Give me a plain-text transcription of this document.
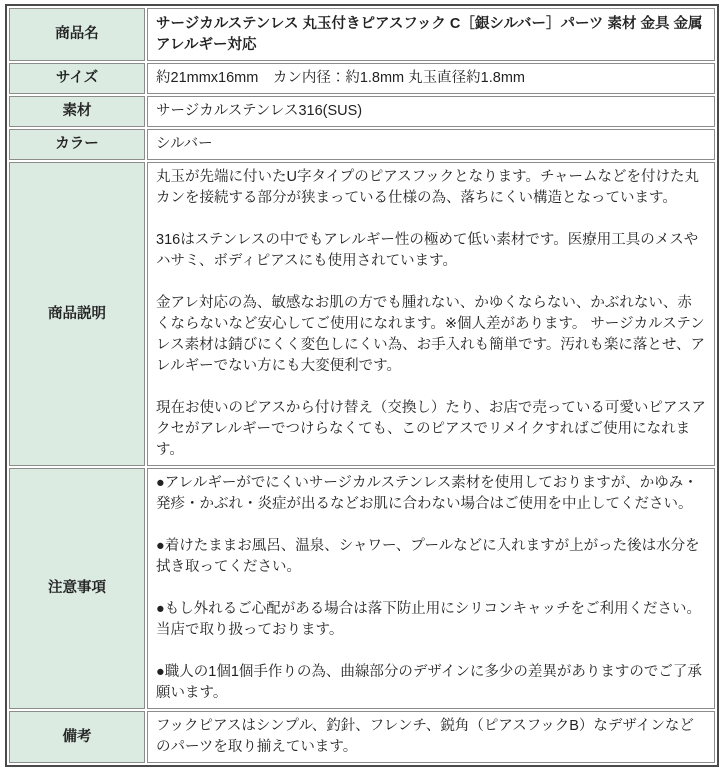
商品名	サージカルステンレス 丸玉付きピアスフック C［銀シルバー］パーツ 素材 金具 金属アレルギー対応
サイズ	約21mmx16mm　カン内径：約1.8mm 丸玉直径約1.8mm
素材	サージカルステンレス316(SUS)
カラー	シルバー
商品説明	丸玉が先端に付いたU字タイプのピアスフックとなります。チャームなどを付けた丸カンを接続する部分が狭まっている仕様の為、落ちにくい構造となっています。

316はステンレスの中でもアレルギー性の極めて低い素材です。医療用工具のメスやハサミ、ボディピアスにも使用されています。

金アレ対応の為、敏感なお肌の方でも腫れない、かゆくならない、かぶれない、赤くならないなど安心してご使用になれます。※個人差があります。 サージカルステンレス素材は錆びにくく変色しにくい為、お手入れも簡単です。汚れも楽に落とせ、アレルギーでない方にも大変便利です。

現在お使いのピアスから付け替え（交換し）たり、お店で売っている可愛いピアスアクセがアレルギーでつけらなくても、このピアスでリメイクすればご使用になれます。

注意事項	●アレルギーがでにくいサージカルステンレス素材を使用しておりますが、かゆみ・発疹・かぶれ・炎症が出るなどお肌に合わない場合はご使用を中止してください。

●着けたままお風呂、温泉、シャワー、プールなどに入れますが上がった後は水分を拭き取ってください。

●もし外れるご心配がある場合は落下防止用にシリコンキャッチをご利用ください。当店で取り扱っております。

●職人の1個1個手作りの為、曲線部分のデザインに多少の差異がありますのでご了承願います。

備考	フックピアスはシンプル、釣針、フレンチ、鋭角（ピアスフックB）なデザインなどのパーツを取り揃えています。
